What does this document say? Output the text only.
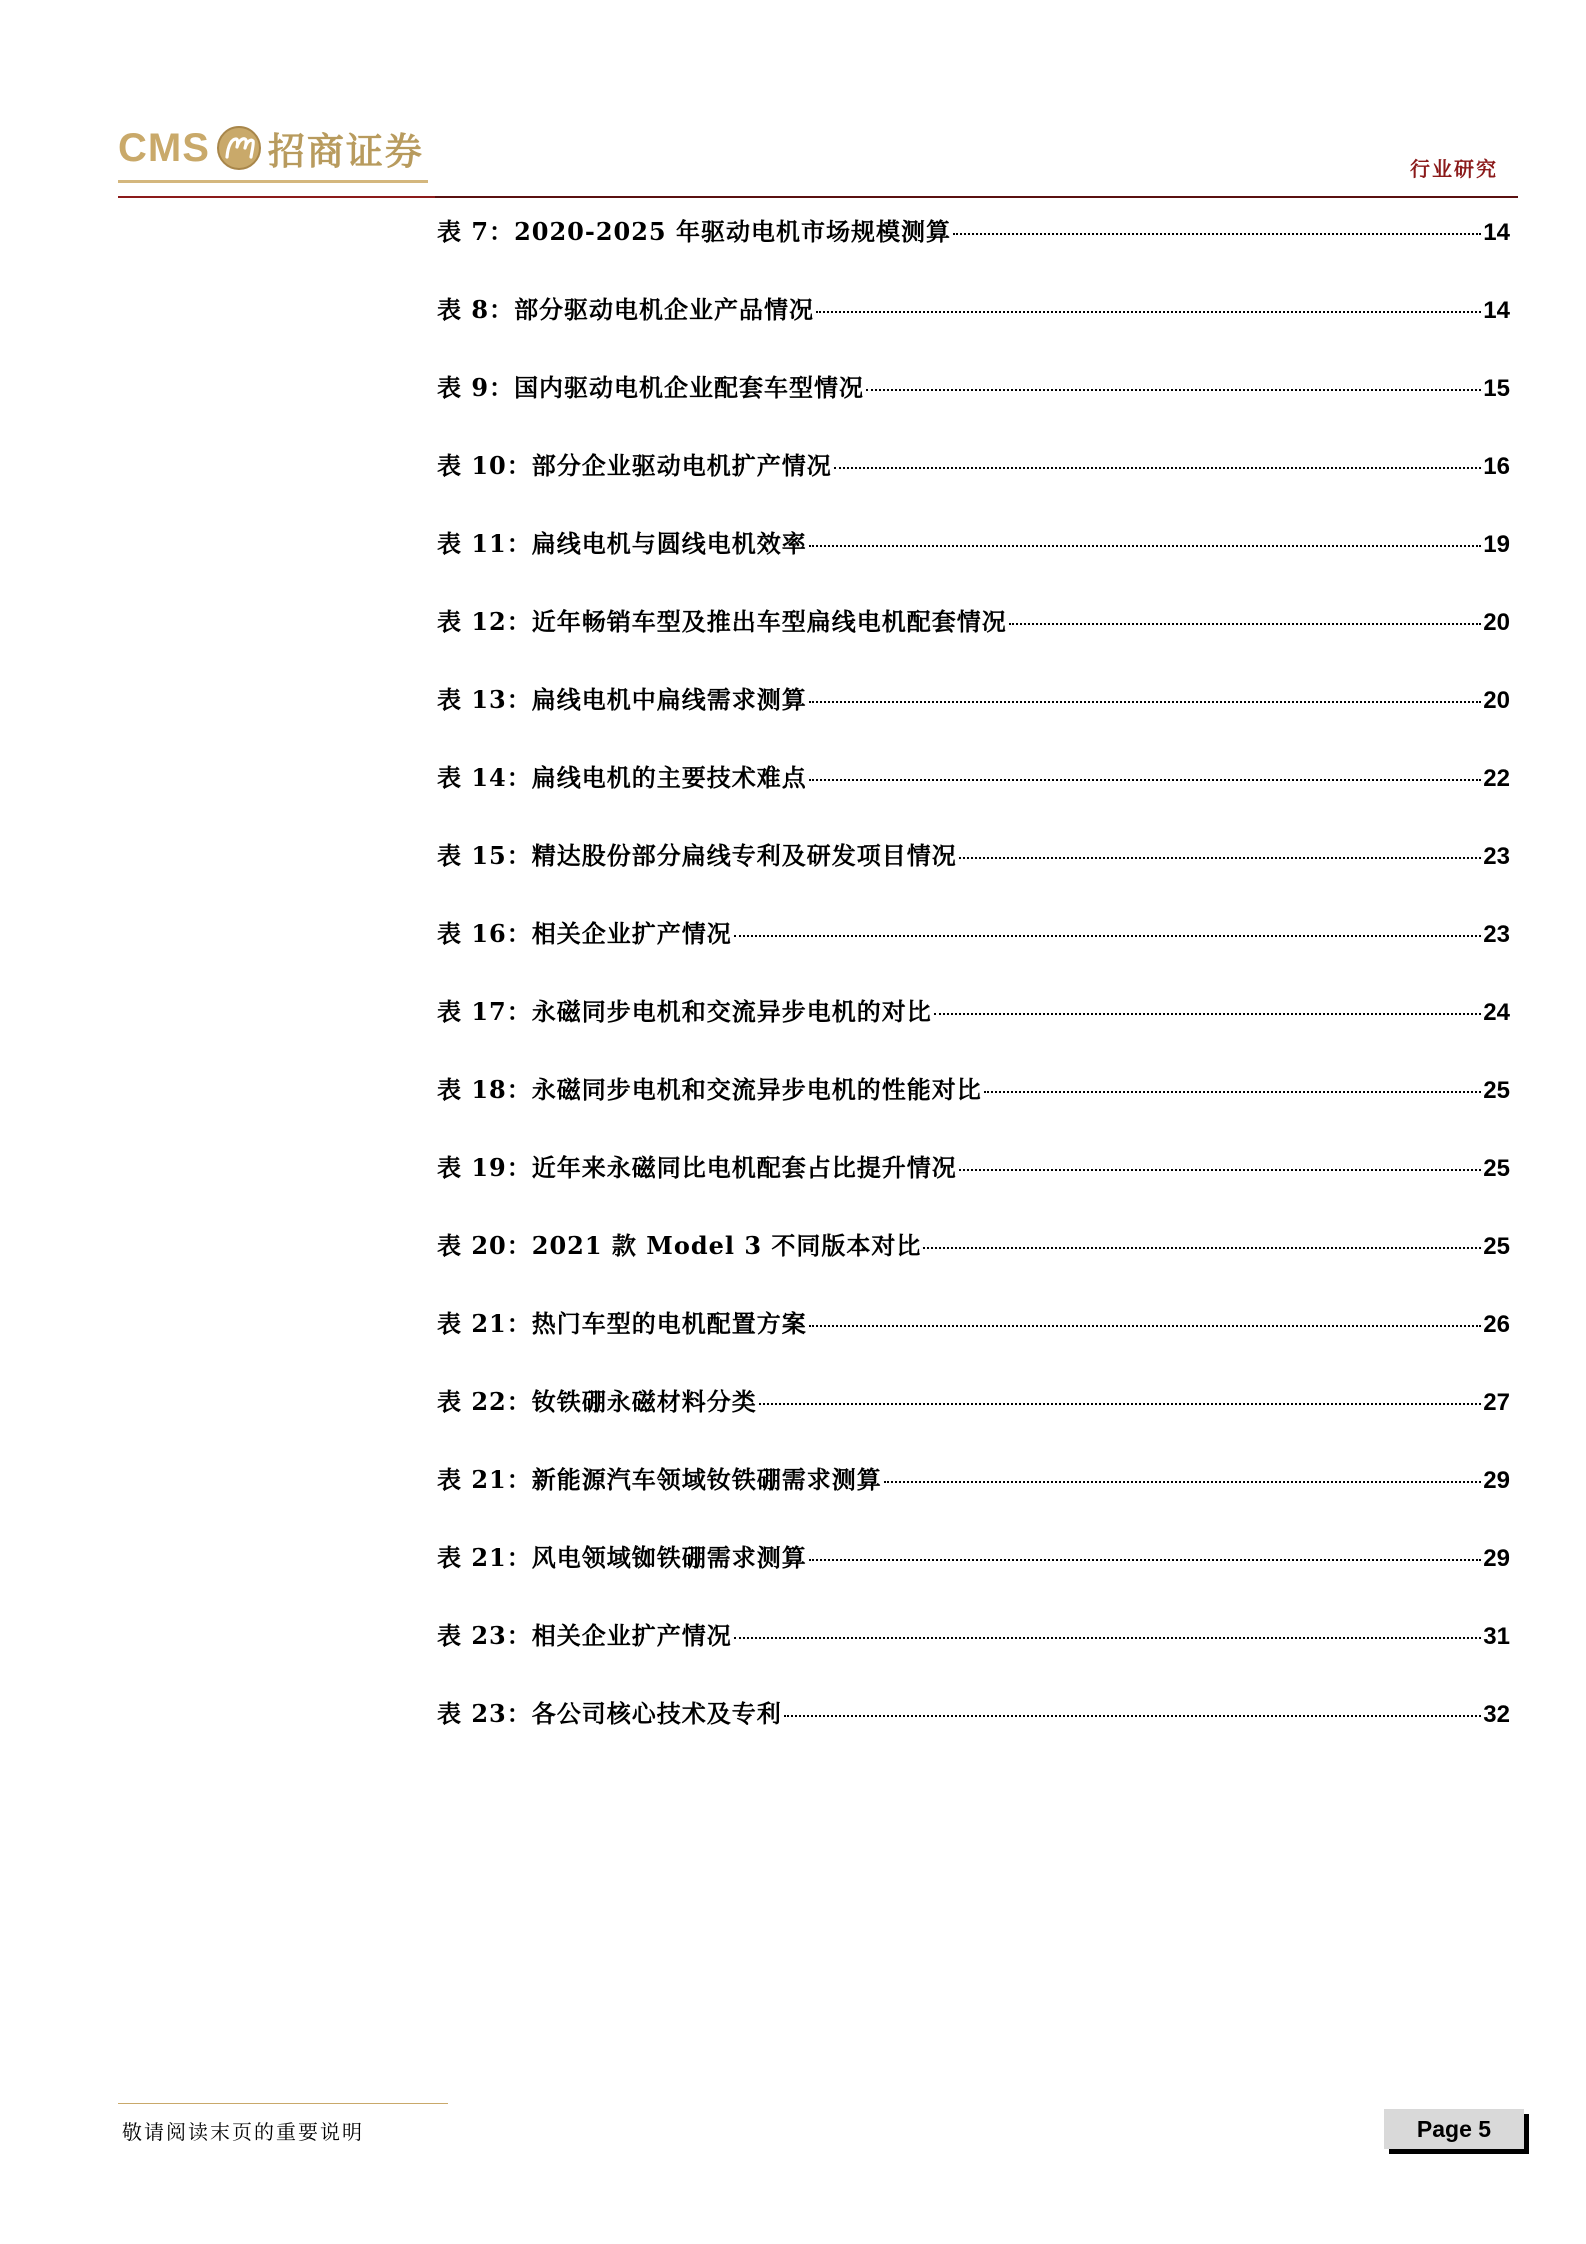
CMS 招商证券	行业研究
表 7：2020-2025 年驱动电机市场规模测算	14
表 8：部分驱动电机企业产品情况	14
表 9：国内驱动电机企业配套车型情况	15
表 10：部分企业驱动电机扩产情况	16
表 11：扁线电机与圆线电机效率	19
表 12：近年畅销车型及推出车型扁线电机配套情况	20
表 13：扁线电机中扁线需求测算	20
表 14：扁线电机的主要技术难点	22
表 15：精达股份部分扁线专利及研发项目情况	23
表 16：相关企业扩产情况	23
表 17：永磁同步电机和交流异步电机的对比	24
表 18：永磁同步电机和交流异步电机的性能对比	25
表 19：近年来永磁同比电机配套占比提升情况	25
表 20：2021 款 Model 3 不同版本对比	25
表 21：热门车型的电机配置方案	26
表 22：钕铁硼永磁材料分类	27
表 21：新能源汽车领域钕铁硼需求测算	29
表 21：风电领域铷铁硼需求测算	29
表 23：相关企业扩产情况	31
表 23：各公司核心技术及专利	32
敬请阅读末页的重要说明	Page 5
